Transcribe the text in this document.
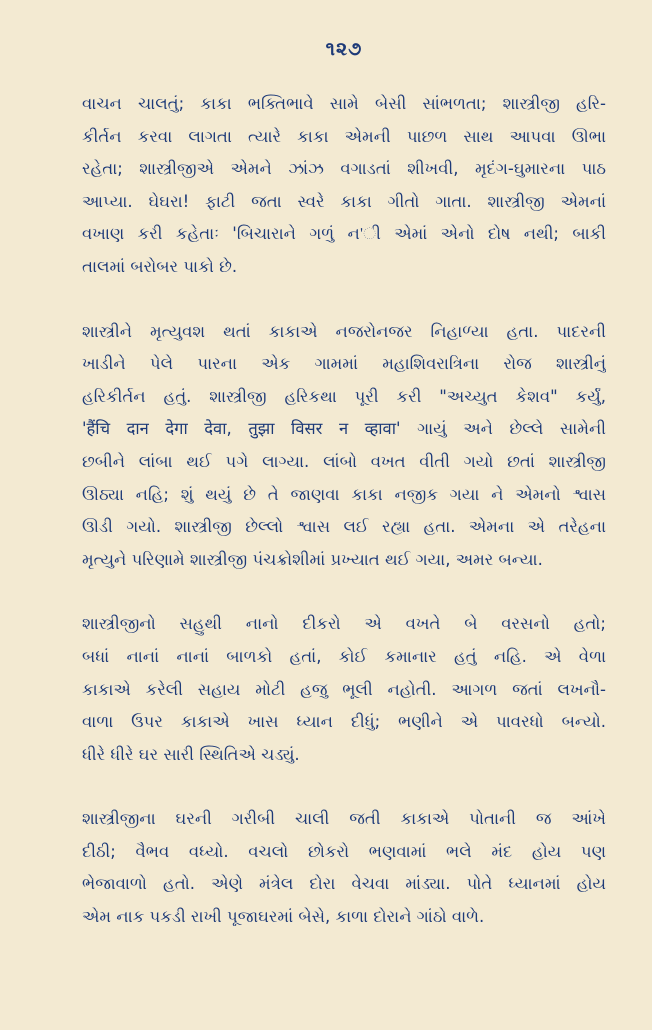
૧૨૭
વાચન ચાલતું; કાકા ભક્તિભાવે સામે બેસી સાંભળતા; શાસ્ત્રીજી હરિ-
કીર્તન કરવા લાગતા ત્યારે કાકા એમની પાછળ સાથ આપવા ઊભા
રહેતા; શાસ્ત્રીજીએ એમને ઝાંઝ વગાડતાં શીખવી, મૃદંગ-ઘુમારના પાઠ
આપ્યા. ઘેઘરા! ફાટી જતા સ્વરે કાકા ગીતો ગાતા. શાસ્ત્રીજી એમનાં
વખાણ કરી કહેતાઃ 'બિચારાને ગળું ન'ી એમાં એનો દોષ નથી; બાકી
તાલમાં બરોબર પાકો છે.
શાસ્ત્રીને મૃત્યુવશ થતાં કાકાએ નજરોનજર નિહાળ્યા હતા. પાદરની
ખાડીને પેલે પારના એક ગામમાં મહાશિવરાત્રિના રોજ શાસ્ત્રીનું
હરિકીર્તન હતું. શાસ્ત્રીજી હરિકથા પૂરી કરી "અચ્યુત કેશવ" કર્યું,
'हैंचि दान देगा देवा, तुझा विसर न व्हावा' ગાયું અને છેલ્લે સામેની
છબીને લાંબા થઈ પગે લાગ્યા. લાંબો વખત વીતી ગયો છતાં શાસ્ત્રીજી
ઊઠ્યા નહિ; શું થયું છે તે જાણવા કાકા નજીક ગયા ને એમનો શ્વાસ
ઊડી ગયો. શાસ્ત્રીજી છેલ્લો શ્વાસ લઈ રહ્યા હતા. એમના એ તરેહના
મૃત્યુને પરિણામે શાસ્ત્રીજી પંચક્રોશીમાં પ્રખ્યાત થઈ ગયા, અમર બન્યા.
શાસ્ત્રીજીનો સહુથી નાનો દીકરો એ વખતે બે વરસનો હતો;
બધાં નાનાં નાનાં બાળકો હતાં, કોઈ કમાનાર હતું નહિ. એ વેળા
કાકાએ કરેલી સહાય મોટી હજુ ભૂલી નહોતી. આગળ જતાં લખનૌ-
વાળા ઉપર કાકાએ ખાસ ધ્યાન દીધું; ભણીને એ પાવરધો બન્યો.
ધીરે ધીરે ઘર સારી સ્થિતિએ ચડ્યું.
શાસ્ત્રીજીના ઘરની ગરીબી ચાલી જતી કાકાએ પોતાની જ આંખે
દીઠી; વૈભવ વધ્યો. વચલો છોકરો ભણવામાં ભલે મંદ હોય પણ
ભેજાવાળો હતો. એણે મંત્રેલ દોરા વેચવા માંડ્યા. પોતે ધ્યાનમાં હોય
એમ નાક પકડી રાખી પૂજાઘરમાં બેસે, કાળા દોરાને ગાંઠો વાળે.
